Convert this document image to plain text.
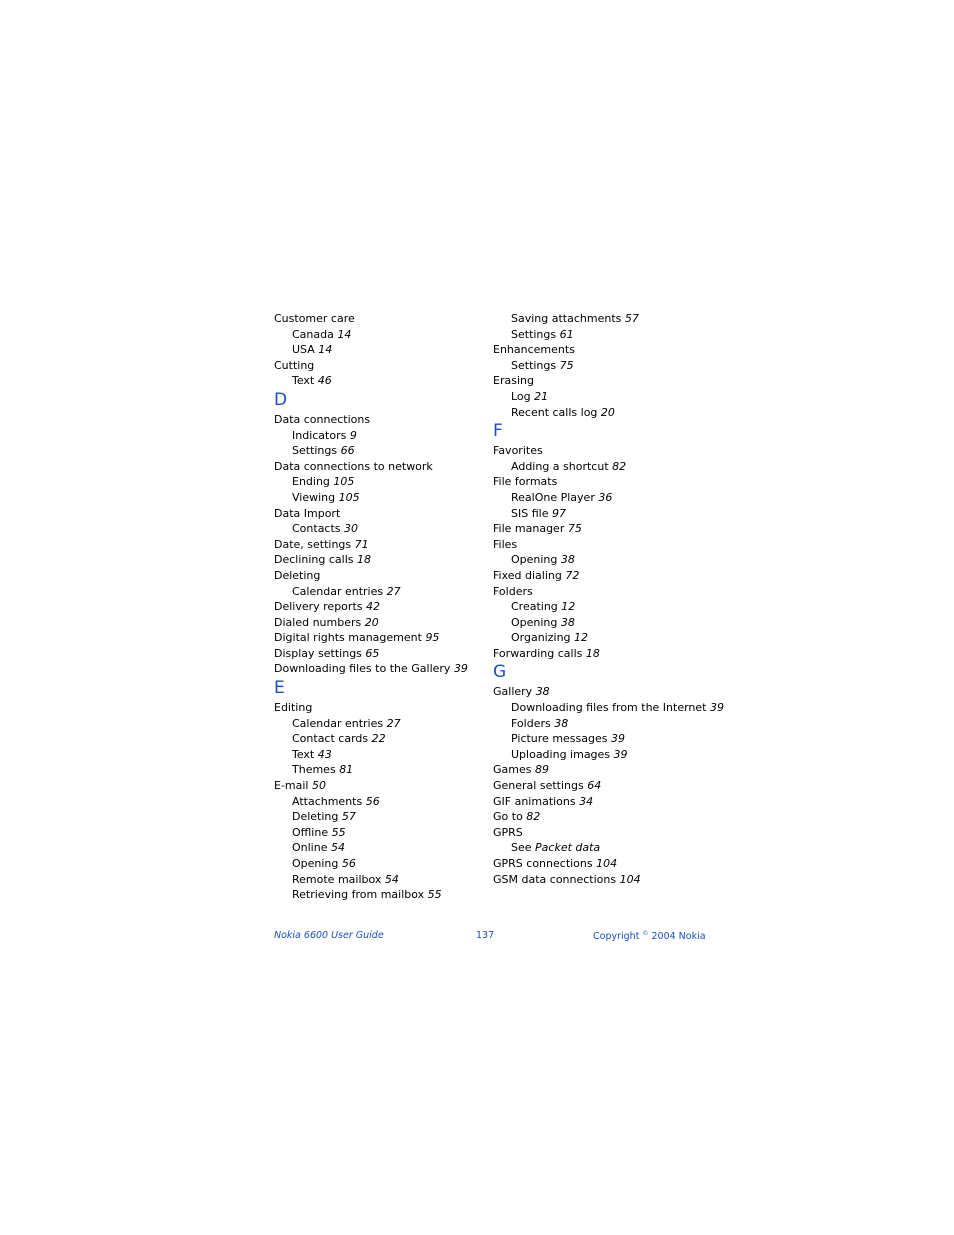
Customer care
Canada 14
USA 14
Cutting
Text 46
D
Data connections
Indicators 9
Settings 66
Data connections to network
Ending 105
Viewing 105
Data Import
Contacts 30
Date, settings 71
Declining calls 18
Deleting
Calendar entries 27
Delivery reports 42
Dialed numbers 20
Digital rights management 95
Display settings 65
Downloading files to the Gallery 39
E
Editing
Calendar entries 27
Contact cards 22
Text 43
Themes 81
E-mail 50
Attachments 56
Deleting 57
Offline 55
Online 54
Opening 56
Remote mailbox 54
Retrieving from mailbox 55
Saving attachments 57
Settings 61
Enhancements
Settings 75
Erasing
Log 21
Recent calls log 20
F
Favorites
Adding a shortcut 82
File formats
RealOne Player 36
SIS file 97
File manager 75
Files
Opening 38
Fixed dialing 72
Folders
Creating 12
Opening 38
Organizing 12
Forwarding calls 18
G
Gallery 38
Downloading files from the Internet 39
Folders 38
Picture messages 39
Uploading images 39
Games 89
General settings 64
GIF animations 34
Go to 82
GPRS
See Packet data
GPRS connections 104
GSM data connections 104
Nokia 6600 User Guide	137	Copyright © 2004 Nokia
